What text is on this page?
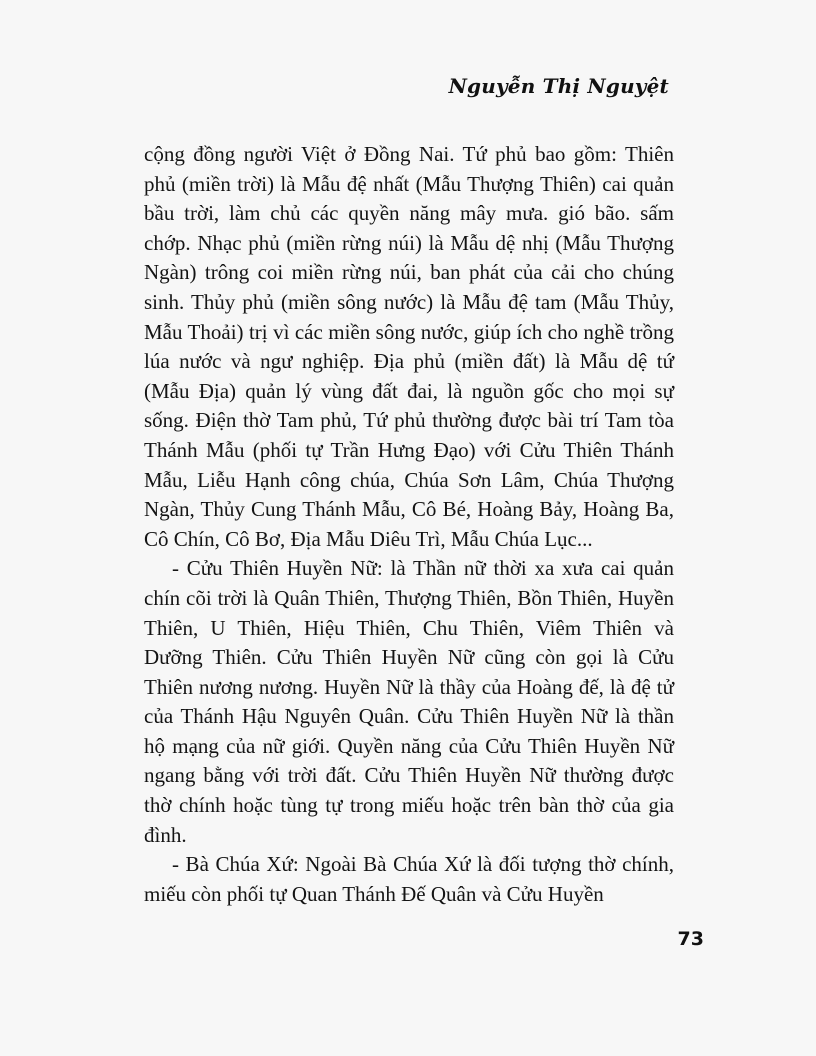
Nguyễn Thị Nguyệt

cộng đồng người Việt ở Đồng Nai. Tứ phủ bao gồm: Thiên phủ (miền trời) là Mẫu đệ nhất (Mẫu Thượng Thiên) cai quản bầu trời, làm chủ các quyền năng mây mưa. gió bão. sấm chớp. Nhạc phủ (miền rừng núi) là Mẫu dệ nhị (Mẫu Thượng Ngàn) trông coi miền rừng núi, ban phát của cải cho chúng sinh. Thủy phủ (miền sông nước) là Mẫu đệ tam (Mẫu Thủy, Mẫu Thoải) trị vì các miền sông nước, giúp ích cho nghề trồng lúa nước và ngư nghiệp. Địa phủ (miền đất) là Mẫu dệ tứ (Mẫu Địa) quản lý vùng đất đai, là nguồn gốc cho mọi sự sống. Điện thờ Tam phủ, Tứ phủ thường được bài trí Tam tòa Thánh Mẫu (phối tự Trần Hưng Đạo) với Cửu Thiên Thánh Mẫu, Liễu Hạnh công chúa, Chúa Sơn Lâm, Chúa Thượng Ngàn, Thủy Cung Thánh Mẫu, Cô Bé, Hoàng Bảy, Hoàng Ba, Cô Chín, Cô Bơ, Địa Mẫu Diêu Trì, Mẫu Chúa Lục...

- Cửu Thiên Huyền Nữ: là Thần nữ thời xa xưa cai quản chín cõi trời là Quân Thiên, Thượng Thiên, Bồn Thiên, Huyền Thiên, U Thiên, Hiệu Thiên, Chu Thiên, Viêm Thiên và Dưỡng Thiên. Cửu Thiên Huyền Nữ cũng còn gọi là Cửu Thiên nương nương. Huyền Nữ là thầy của Hoàng đế, là đệ tử của Thánh Hậu Nguyên Quân. Cửu Thiên Huyền Nữ là thần hộ mạng của nữ giới. Quyền năng của Cửu Thiên Huyền Nữ ngang bằng với trời đất. Cửu Thiên Huyền Nữ thường được thờ chính hoặc tùng tự trong miếu hoặc trên bàn thờ của gia đình.

- Bà Chúa Xứ: Ngoài Bà Chúa Xứ là đối tượng thờ chính, miếu còn phối tự Quan Thánh Đế Quân và Cửu Huyền

73
